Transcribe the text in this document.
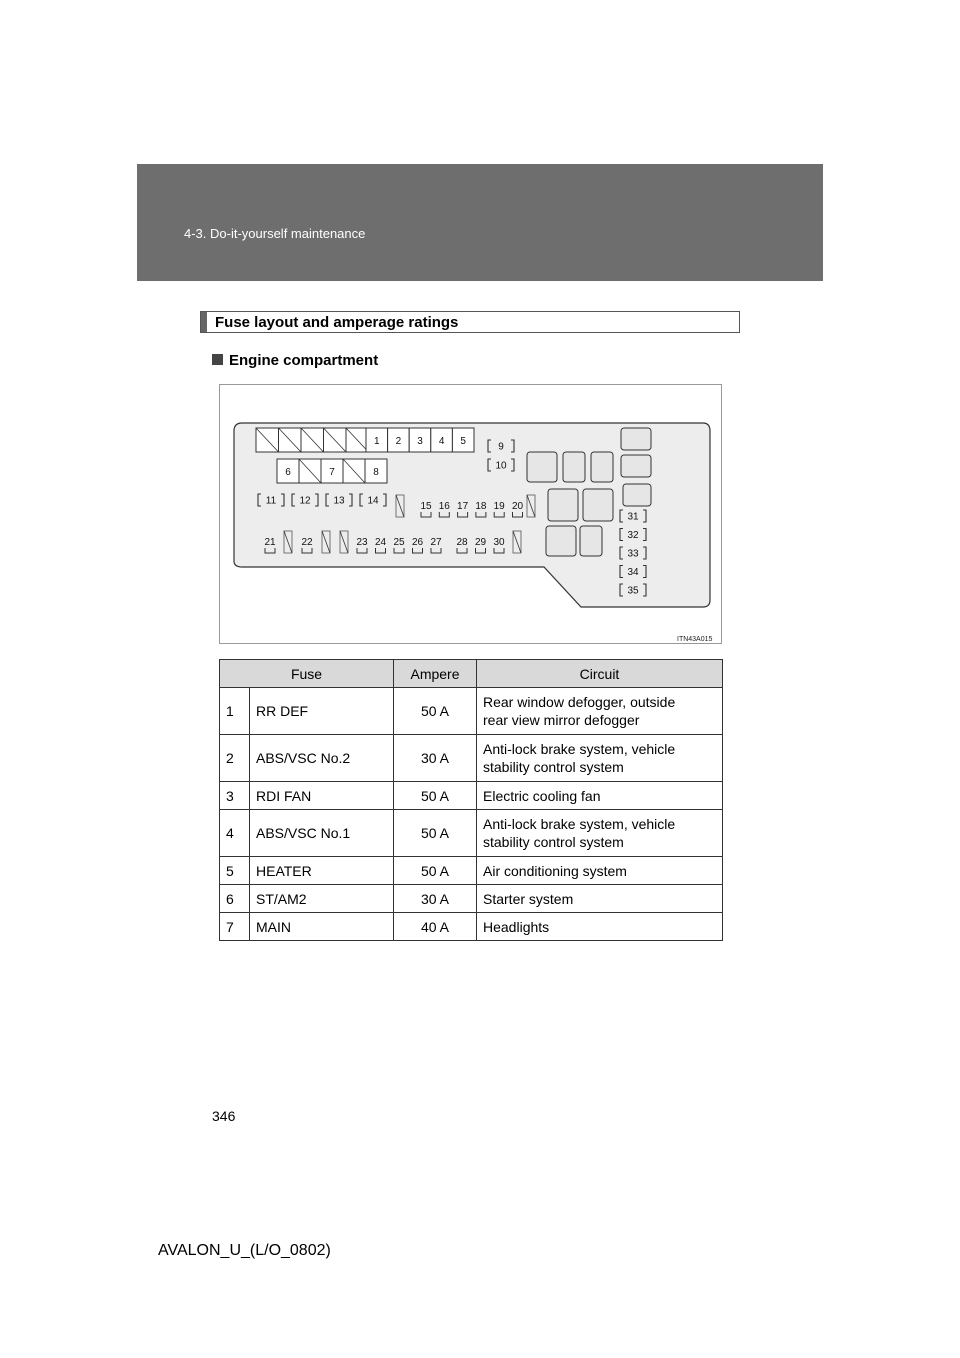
4-3. Do-it-yourself maintenance
Fuse layout and amperage ratings
Engine compartment
1 2 3 4 5
6	7	8
9
10
11 12 13 14	15 16 17 18 19 20
21	22	23 24 25 26 27 28 29 30
31
32
33
34
35
ITN43A015
Fuse		Ampere	Circuit
1	RR DEF	50 A	Rear window defogger, outside
rear view mirror defogger
2	ABS/VSC No.2	30 A	Anti-lock brake system, vehicle
stability control system
3	RDI FAN	50 A	Electric cooling fan
4	ABS/VSC No.1	50 A	Anti-lock brake system, vehicle
stability control system
5	HEATER	50 A	Air conditioning system
6	ST/AM2	30 A	Starter system
7	MAIN	40 A	Headlights
346
AVALON_U_(L/O_0802)
